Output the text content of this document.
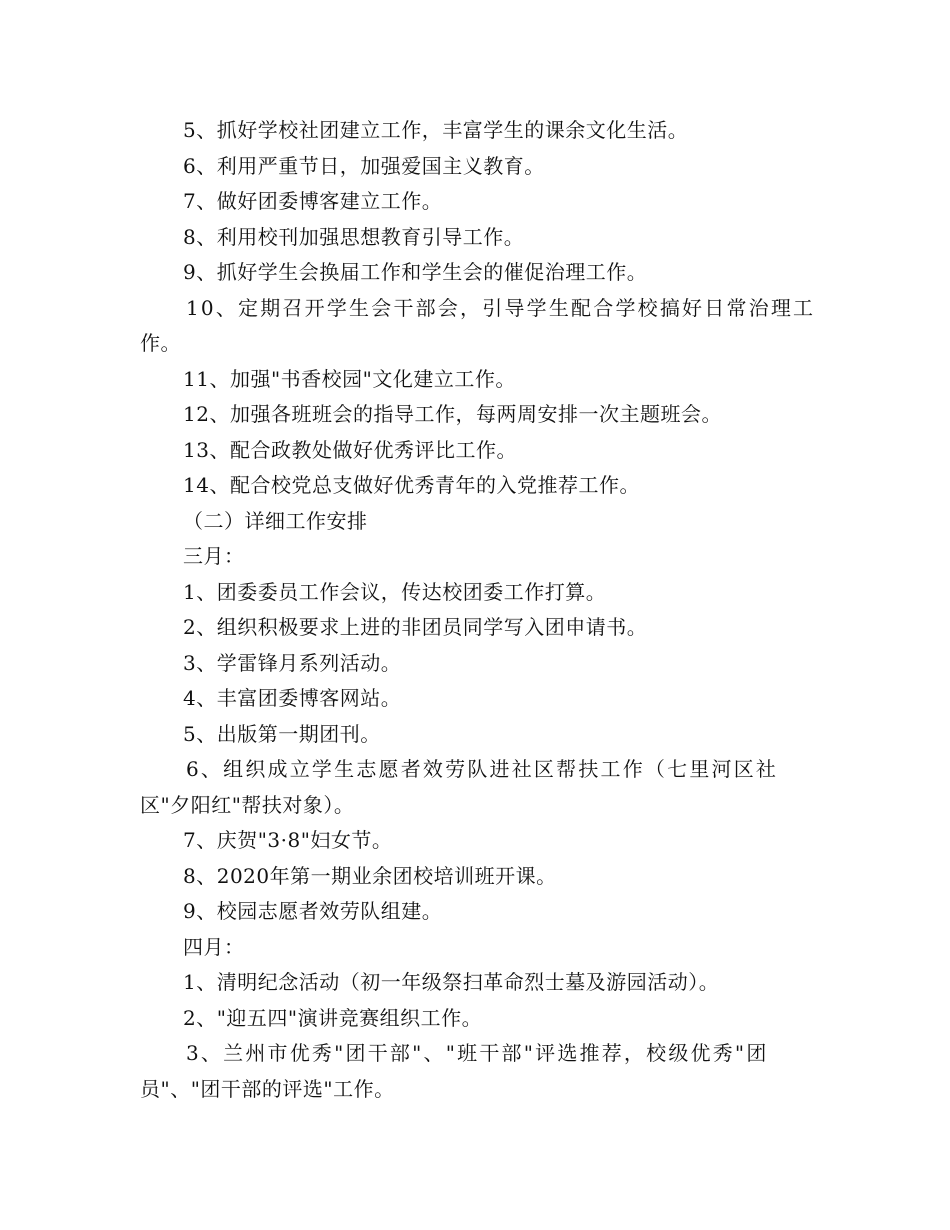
5、抓好学校社团建立工作，丰富学生的课余文化生活。
6、利用严重节日，加强爱国主义教育。
7、做好团委博客建立工作。
8、利用校刊加强思想教育引导工作。
9、抓好学生会换届工作和学生会的催促治理工作。
10、定期召开学生会干部会，引导学生配合学校搞好日常治理工
作。
11、加强"书香校园"文化建立工作。
12、加强各班班会的指导工作，每两周安排一次主题班会。
13、配合政教处做好优秀评比工作。
14、配合校党总支做好优秀青年的入党推荐工作。
（二）详细工作安排
三月：
1、团委委员工作会议，传达校团委工作打算。
2、组织积极要求上进的非团员同学写入团申请书。
3、学雷锋月系列活动。
4、丰富团委博客网站。
5、出版第一期团刊。
6、组织成立学生志愿者效劳队进社区帮扶工作（七里河区社
区"夕阳红"帮扶对象）。
7、庆贺"3·8"妇女节。
8、2020年第一期业余团校培训班开课。
9、校园志愿者效劳队组建。
四月：
1、清明纪念活动（初一年级祭扫革命烈士墓及游园活动）。
2、"迎五四"演讲竞赛组织工作。
3、兰州市优秀"团干部"、"班干部"评选推荐，校级优秀"团
员"、"团干部的评选"工作。
